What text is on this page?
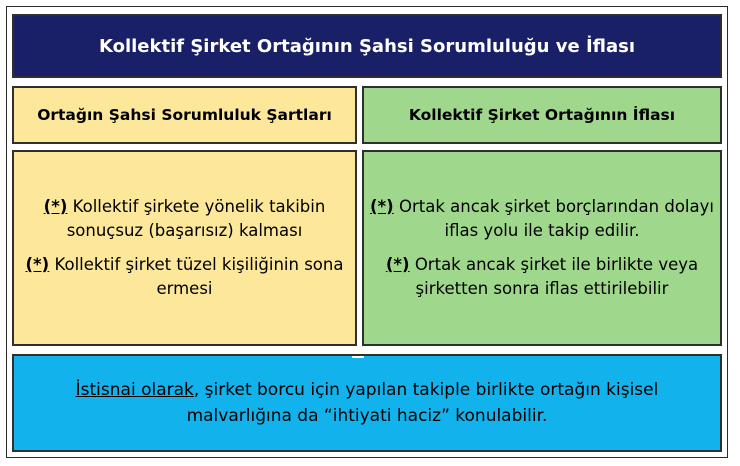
Kollektif Şirket Ortağının Şahsi Sorumluluğu ve İflası
Ortağın Şahsi Sorumluluk Şartları	Kollektif Şirket Ortağının İflası

(*) Kollektif şirkete yönelik takibin sonuçsuz (başarısız) kalması

(*) Kollektif şirket tüzel kişiliğinin sona ermesi

(*) Ortak ancak şirket borçlarından dolayı iflas yolu ile takip edilir.

(*) Ortak ancak şirket ile birlikte veya şirketten sonra iflas ettirilebilir

İstisnai olarak, şirket borcu için yapılan takiple birlikte ortağın kişisel malvarlığına da “ihtiyati haciz” konulabilir.
